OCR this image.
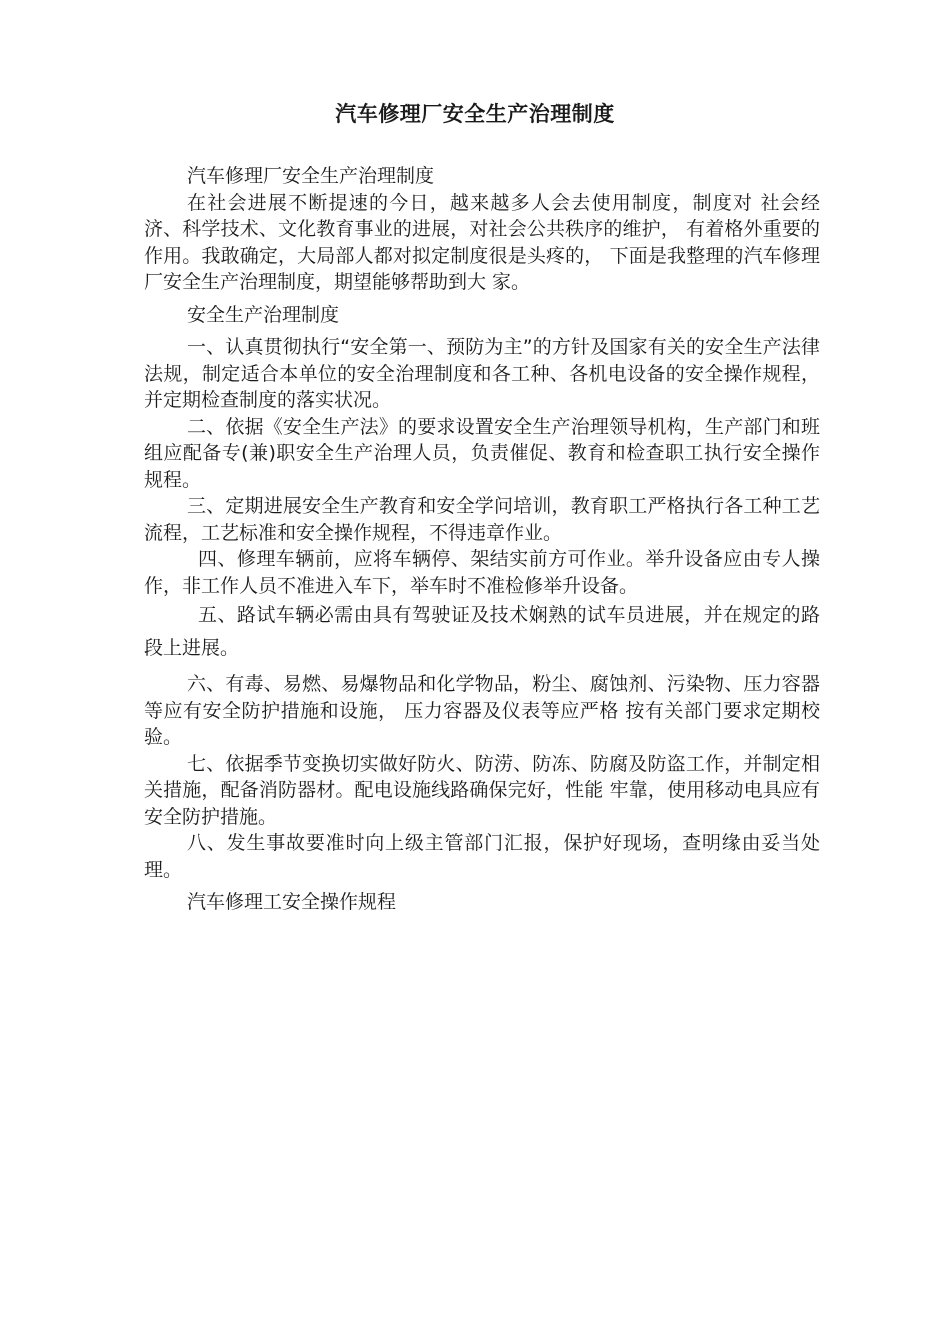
汽车修理厂安全生产治理制度

汽车修理厂安全生产治理制度

在社会进展不断提速的今日，越来越多人会去使用制度，制度对 社会经济、科学技术、文化教育事业的进展，对社会公共秩序的维护， 有着格外重要的作用。我敢确定，大局部人都对拟定制度很是头疼的， 下面是我整理的汽车修理厂安全生产治理制度，期望能够帮助到大 家。

安全生产治理制度

一、认真贯彻执行“安全第一、预防为主”的方针及国家有关的安全生产法律法规，制定适合本单位的安全治理制度和各工种、各机电设备的安全操作规程，并定期检查制度的落实状况。

二、依据《安全生产法》的要求设置安全生产治理领导机构，生产部门和班组应配备专(兼)职安全生产治理人员，负责催促、教育和检查职工执行安全操作规程。

三、定期进展安全生产教育和安全学问培训，教育职工严格执行各工种工艺流程，工艺标准和安全操作规程，不得违章作业。

四、修理车辆前，应将车辆停、架结实前方可作业。举升设备应由专人操作，非工作人员不准进入车下，举车时不准检修举升设备。

五、路试车辆必需由具有驾驶证及技术娴熟的试车员进展，并在规定的路段上进展。

六、有毒、易燃、易爆物品和化学物品，粉尘、腐蚀剂、污染物、压力容器等应有安全防护措施和设施， 压力容器及仪表等应严格 按有关部门要求定期校验。

七、依据季节变换切实做好防火、防涝、防冻、防腐及防盗工作，并制定相关措施，配备消防器材。配电设施线路确保完好，性能 牢靠，使用移动电具应有安全防护措施。

八、发生事故要准时向上级主管部门汇报，保护好现场，查明缘由妥当处理。

汽车修理工安全操作规程
